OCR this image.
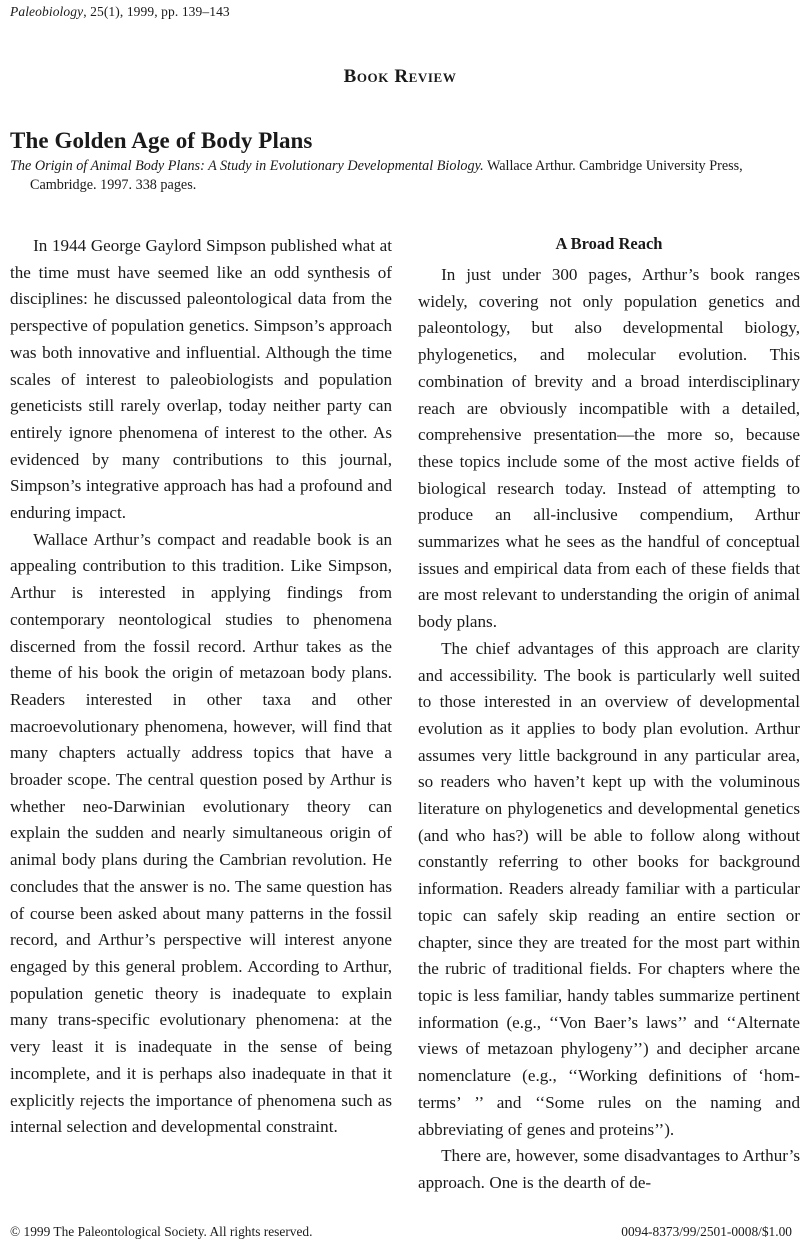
Paleobiology, 25(1), 1999, pp. 139–143
Book Review
The Golden Age of Body Plans
The Origin of Animal Body Plans: A Study in Evolutionary Developmental Biology. Wallace Arthur. Cambridge University Press, Cambridge. 1997. 338 pages.

In 1944 George Gaylord Simpson published what at the time must have seemed like an odd synthesis of disciplines: he discussed paleontological data from the perspective of population genetics. Simpson’s approach was both innovative and influential. Although the time scales of interest to paleobiologists and population geneticists still rarely overlap, today neither party can entirely ignore phenomena of interest to the other. As evidenced by many contributions to this journal, Simpson’s integrative approach has had a profound and enduring impact.

Wallace Arthur’s compact and readable book is an appealing contribution to this tradition. Like Simpson, Arthur is interested in applying findings from contemporary neontological studies to phenomena discerned from the fossil record. Arthur takes as the theme of his book the origin of metazoan body plans. Readers interested in other taxa and other macroevolutionary phenomena, however, will find that many chapters actually address topics that have a broader scope. The central question posed by Arthur is whether neo-Darwinian evolutionary theory can explain the sudden and nearly simultaneous origin of animal body plans during the Cambrian revolution. He concludes that the answer is no. The same question has of course been asked about many patterns in the fossil record, and Arthur’s perspective will interest anyone engaged by this general problem. According to Arthur, population genetic theory is inadequate to explain many trans-specific evolutionary phenomena: at the very least it is inadequate in the sense of being incomplete, and it is perhaps also inadequate in that it explicitly rejects the importance of phenomena such as internal selection and developmental constraint.

A Broad Reach

In just under 300 pages, Arthur’s book ranges widely, covering not only population genetics and paleontology, but also developmental biology, phylogenetics, and molecular evolution. This combination of brevity and a broad interdisciplinary reach are obviously incompatible with a detailed, comprehensive presentation—the more so, because these topics include some of the most active fields of biological research today. Instead of attempting to produce an all-inclusive compendium, Arthur summarizes what he sees as the handful of conceptual issues and empirical data from each of these fields that are most relevant to understanding the origin of animal body plans.

The chief advantages of this approach are clarity and accessibility. The book is particularly well suited to those interested in an overview of developmental evolution as it applies to body plan evolution. Arthur assumes very little background in any particular area, so readers who haven’t kept up with the voluminous literature on phylogenetics and developmental genetics (and who has?) will be able to follow along without constantly referring to other books for background information. Readers already familiar with a particular topic can safely skip reading an entire section or chapter, since they are treated for the most part within the rubric of traditional fields. For chapters where the topic is less familiar, handy tables summarize pertinent information (e.g., ‘‘Von Baer’s laws’’ and ‘‘Alternate views of metazoan phylogeny’’) and decipher arcane nomenclature (e.g., ‘‘Working definitions of ‘hom-terms’ ’’ and ‘‘Some rules on the naming and abbreviating of genes and proteins’’).

There are, however, some disadvantages to Arthur’s approach. One is the dearth of de-

© 1999 The Paleontological Society. All rights reserved.	0094-8373/99/2501-0008/$1.00
